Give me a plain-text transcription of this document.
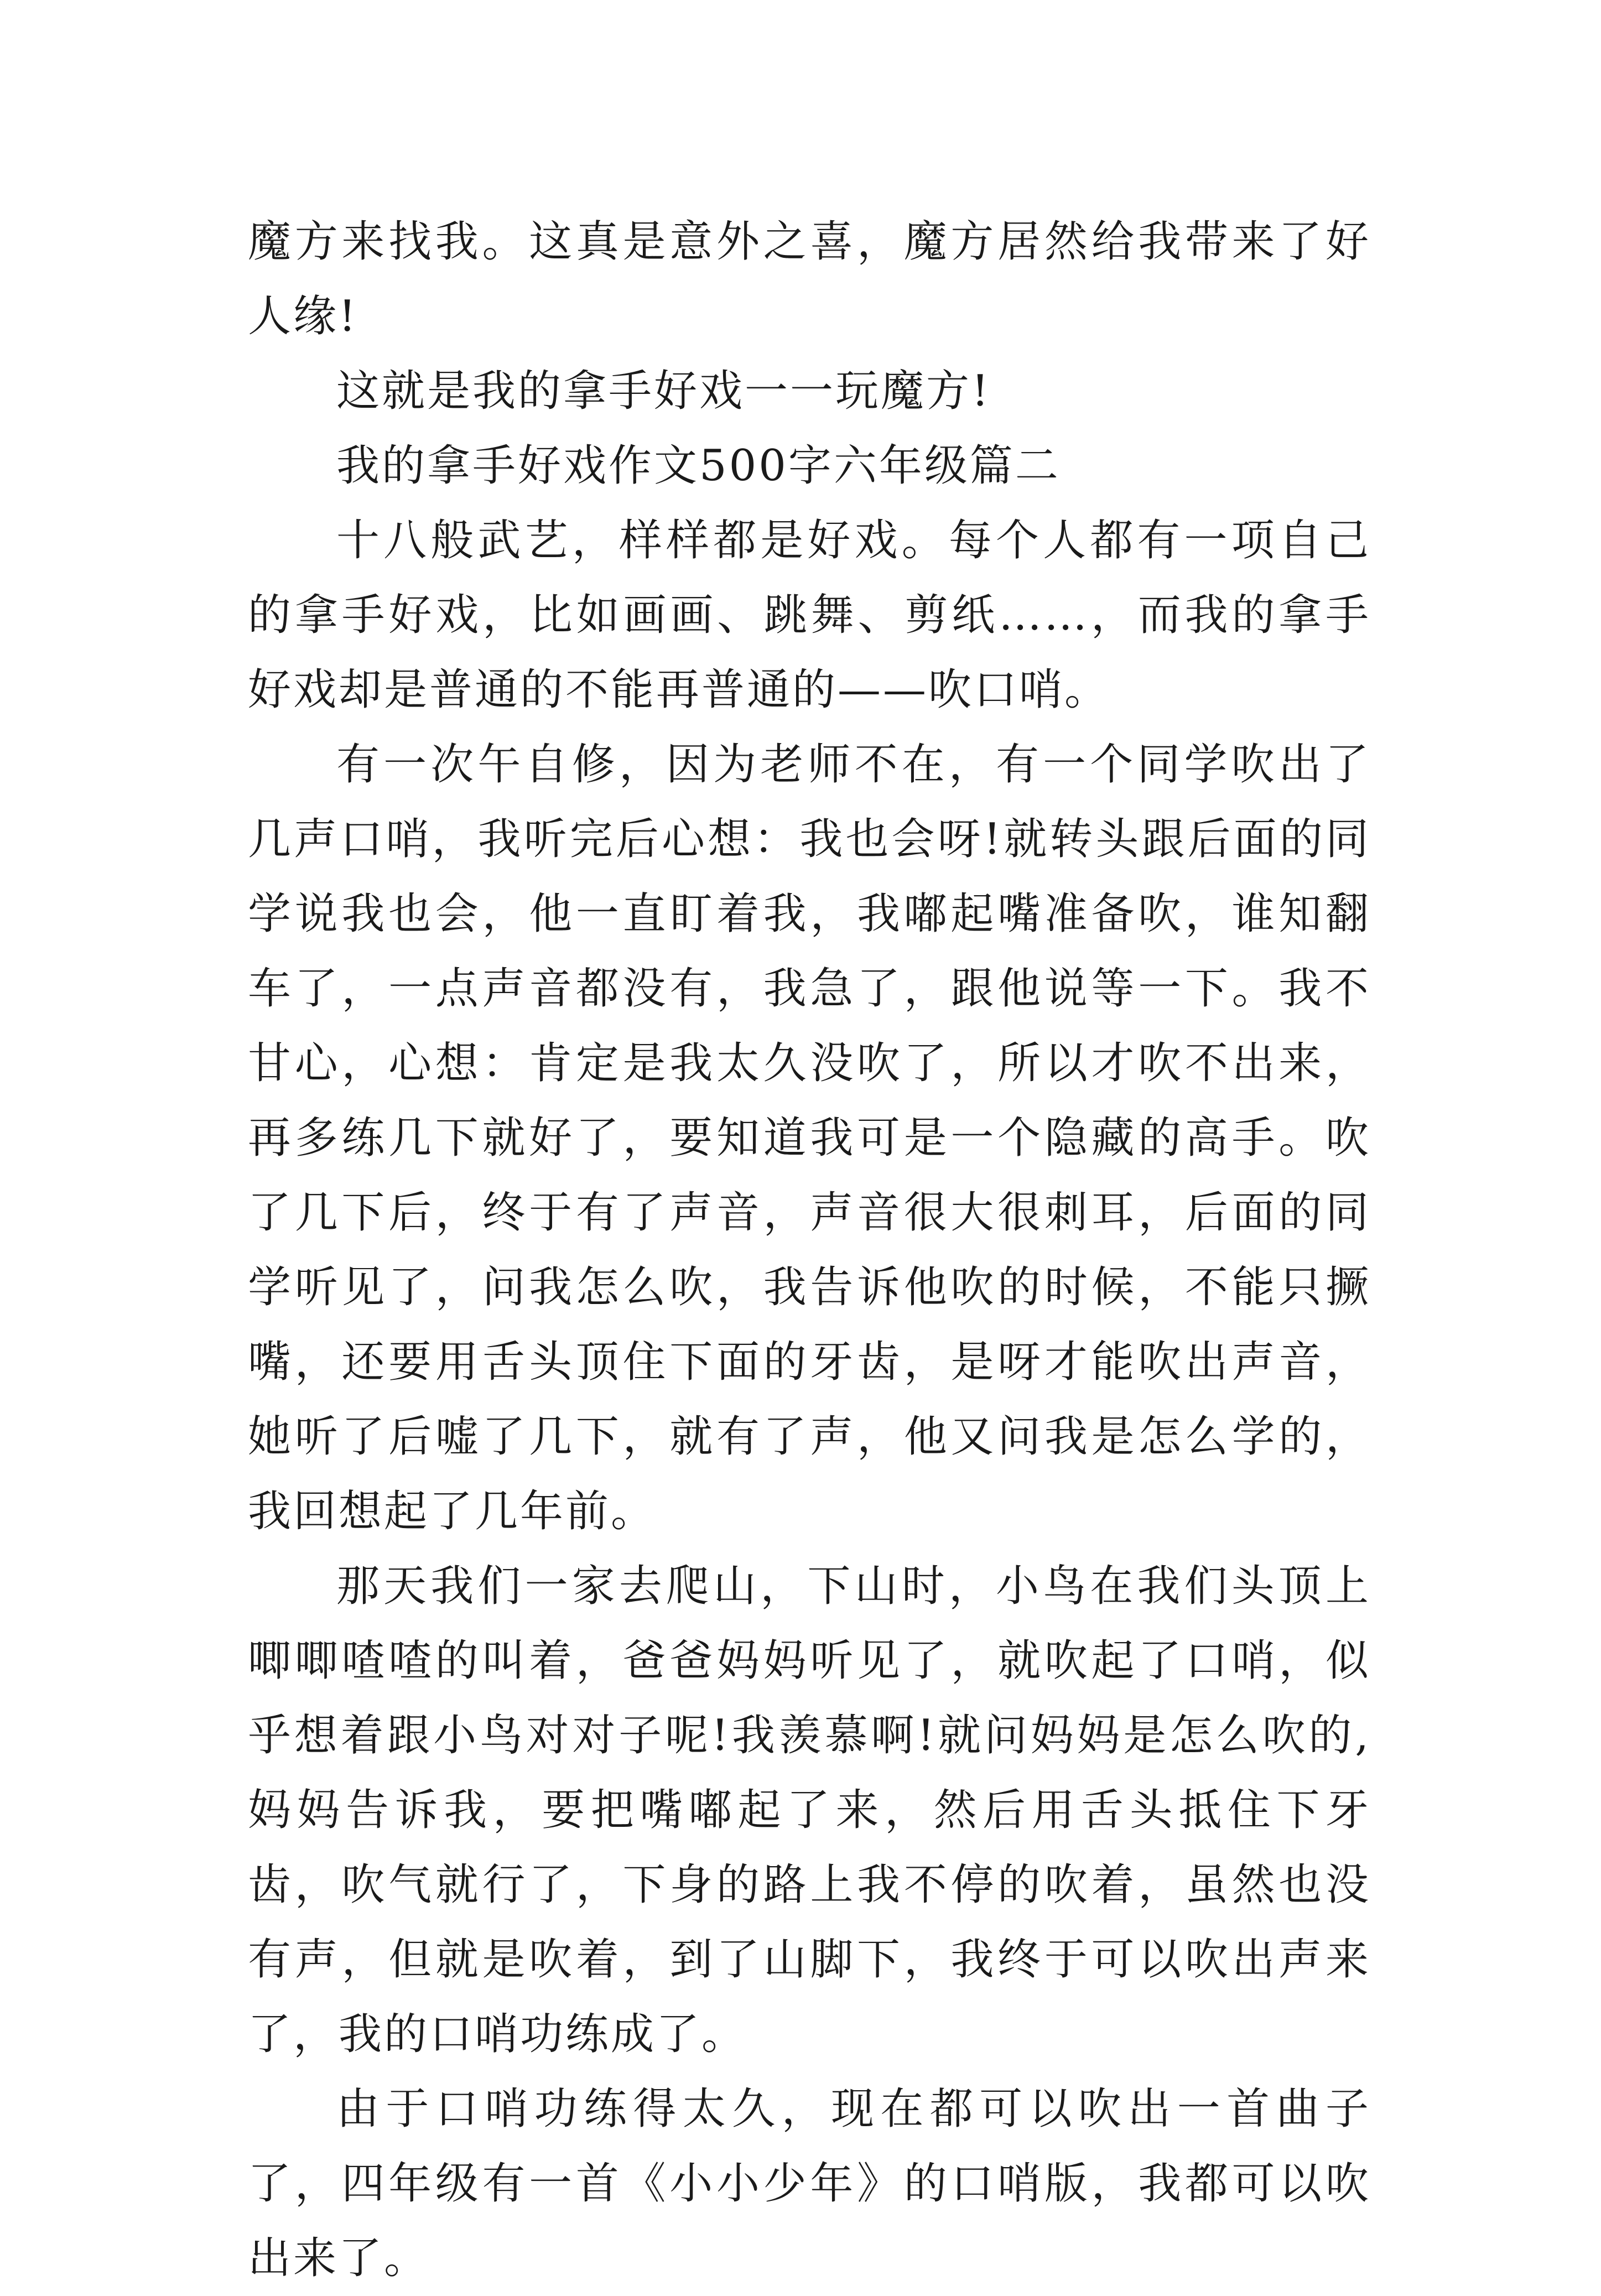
魔方来找我。这真是意外之喜，魔方居然给我带来了好人缘!

这就是我的拿手好戏一一玩魔方!

我的拿手好戏作文500字六年级篇二

十八般武艺，样样都是好戏。每个人都有一项自己的拿手好戏，比如画画、跳舞、剪纸……，而我的拿手好戏却是普通的不能再普通的——吹口哨。

有一次午自修，因为老师不在，有一个同学吹出了几声口哨，我听完后心想：我也会呀!就转头跟后面的同学说我也会，他一直盯着我，我嘟起嘴准备吹，谁知翻车了，一点声音都没有，我急了，跟他说等一下。我不甘心，心想：肯定是我太久没吹了，所以才吹不出来，再多练几下就好了，要知道我可是一个隐藏的高手。吹了几下后，终于有了声音，声音很大很刺耳，后面的同学听见了，问我怎么吹，我告诉他吹的时候，不能只撅嘴，还要用舌头顶住下面的牙齿，是呀才能吹出声音，她听了后嘘了几下，就有了声，他又问我是怎么学的，我回想起了几年前。

那天我们一家去爬山，下山时，小鸟在我们头顶上唧唧喳喳的叫着，爸爸妈妈听见了，就吹起了口哨，似乎想着跟小鸟对对子呢!我羡慕啊!就问妈妈是怎么吹的,妈妈告诉我，要把嘴嘟起了来，然后用舌头抵住下牙齿，吹气就行了，下身的路上我不停的吹着，虽然也没有声，但就是吹着，到了山脚下，我终于可以吹出声来了，我的口哨功练成了。

由于口哨功练得太久，现在都可以吹出一首曲子了，四年级有一首《小小少年》的口哨版，我都可以吹出来了。
